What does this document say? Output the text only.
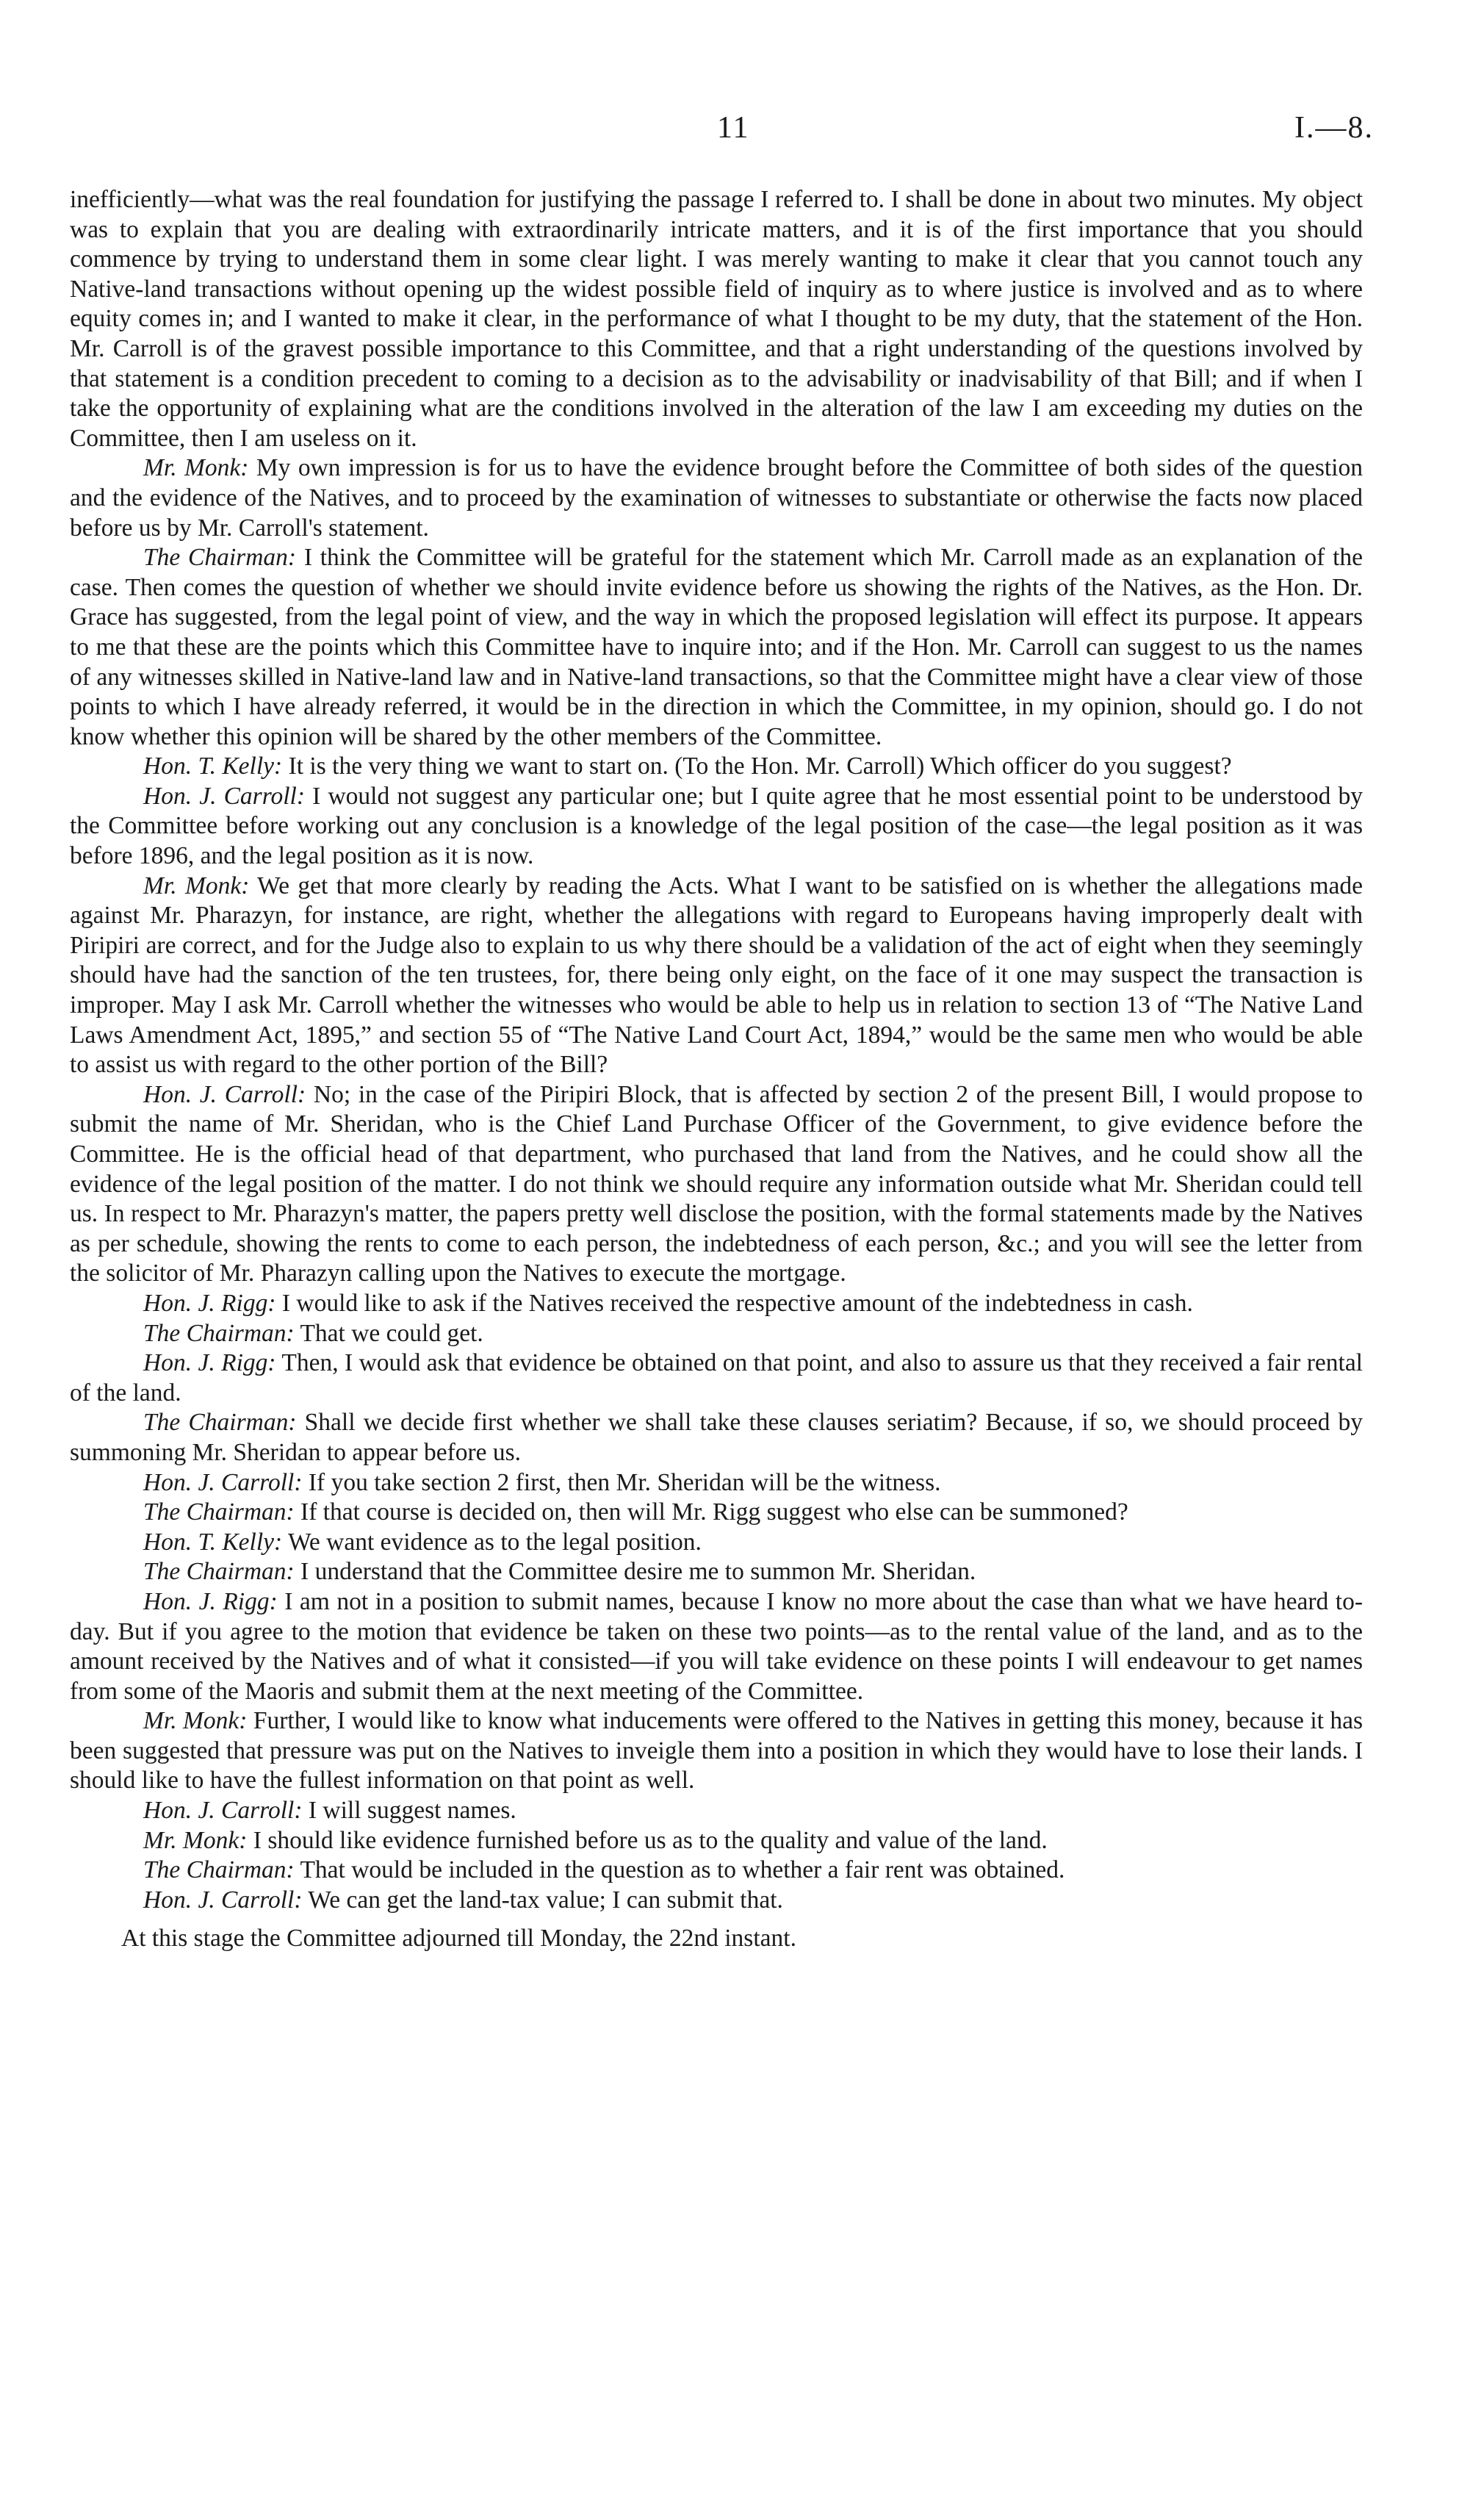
11	I.—8.

inefficiently—what was the real foundation for justifying the passage I referred to. I shall be done in about two minutes. My object was to explain that you are dealing with extraordinarily intricate matters, and it is of the first importance that you should commence by trying to understand them in some clear light. I was merely wanting to make it clear that you cannot touch any Native-land transactions without opening up the widest possible field of inquiry as to where justice is involved and as to where equity comes in; and I wanted to make it clear, in the performance of what I thought to be my duty, that the statement of the Hon. Mr. Carroll is of the gravest possible importance to this Committee, and that a right understanding of the questions involved by that statement is a condition precedent to coming to a decision as to the advisability or inadvisability of that Bill; and if when I take the opportunity of explaining what are the conditions involved in the alteration of the law I am exceeding my duties on the Committee, then I am useless on it.

Mr. Monk: My own impression is for us to have the evidence brought before the Committee of both sides of the question and the evidence of the Natives, and to proceed by the examination of witnesses to substantiate or otherwise the facts now placed before us by Mr. Carroll's statement.

The Chairman: I think the Committee will be grateful for the statement which Mr. Carroll made as an explanation of the case. Then comes the question of whether we should invite evidence before us showing the rights of the Natives, as the Hon. Dr. Grace has suggested, from the legal point of view, and the way in which the proposed legislation will effect its purpose. It appears to me that these are the points which this Committee have to inquire into; and if the Hon. Mr. Carroll can suggest to us the names of any witnesses skilled in Native-land law and in Native-land transactions, so that the Committee might have a clear view of those points to which I have already referred, it would be in the direction in which the Committee, in my opinion, should go. I do not know whether this opinion will be shared by the other members of the Committee.

Hon. T. Kelly: It is the very thing we want to start on. (To the Hon. Mr. Carroll) Which officer do you suggest?

Hon. J. Carroll: I would not suggest any particular one; but I quite agree that he most essential point to be understood by the Committee before working out any conclusion is a knowledge of the legal position of the case—the legal position as it was before 1896, and the legal position as it is now.

Mr. Monk: We get that more clearly by reading the Acts. What I want to be satisfied on is whether the allegations made against Mr. Pharazyn, for instance, are right, whether the allegations with regard to Europeans having improperly dealt with Piripiri are correct, and for the Judge also to explain to us why there should be a validation of the act of eight when they seemingly should have had the sanction of the ten trustees, for, there being only eight, on the face of it one may suspect the transaction is improper. May I ask Mr. Carroll whether the witnesses who would be able to help us in relation to section 13 of “The Native Land Laws Amendment Act, 1895,” and section 55 of “The Native Land Court Act, 1894,” would be the same men who would be able to assist us with regard to the other portion of the Bill?

Hon. J. Carroll: No; in the case of the Piripiri Block, that is affected by section 2 of the present Bill, I would propose to submit the name of Mr. Sheridan, who is the Chief Land Purchase Officer of the Government, to give evidence before the Committee. He is the official head of that department, who purchased that land from the Natives, and he could show all the evidence of the legal position of the matter. I do not think we should require any information outside what Mr. Sheridan could tell us. In respect to Mr. Pharazyn's matter, the papers pretty well disclose the position, with the formal statements made by the Natives as per schedule, showing the rents to come to each person, the indebtedness of each person, &c.; and you will see the letter from the solicitor of Mr. Pharazyn calling upon the Natives to execute the mortgage.

Hon. J. Rigg: I would like to ask if the Natives received the respective amount of the indebtedness in cash.

The Chairman: That we could get.

Hon. J. Rigg: Then, I would ask that evidence be obtained on that point, and also to assure us that they received a fair rental of the land.

The Chairman: Shall we decide first whether we shall take these clauses seriatim? Because, if so, we should proceed by summoning Mr. Sheridan to appear before us.

Hon. J. Carroll: If you take section 2 first, then Mr. Sheridan will be the witness.

The Chairman: If that course is decided on, then will Mr. Rigg suggest who else can be summoned?

Hon. T. Kelly: We want evidence as to the legal position.

The Chairman: I understand that the Committee desire me to summon Mr. Sheridan.

Hon. J. Rigg: I am not in a position to submit names, because I know no more about the case than what we have heard to-day. But if you agree to the motion that evidence be taken on these two points—as to the rental value of the land, and as to the amount received by the Natives and of what it consisted—if you will take evidence on these points I will endeavour to get names from some of the Maoris and submit them at the next meeting of the Committee.

Mr. Monk: Further, I would like to know what inducements were offered to the Natives in getting this money, because it has been suggested that pressure was put on the Natives to inveigle them into a position in which they would have to lose their lands. I should like to have the fullest information on that point as well.

Hon. J. Carroll: I will suggest names.

Mr. Monk: I should like evidence furnished before us as to the quality and value of the land.

The Chairman: That would be included in the question as to whether a fair rent was obtained.

Hon. J. Carroll: We can get the land-tax value; I can submit that.

At this stage the Committee adjourned till Monday, the 22nd instant.
